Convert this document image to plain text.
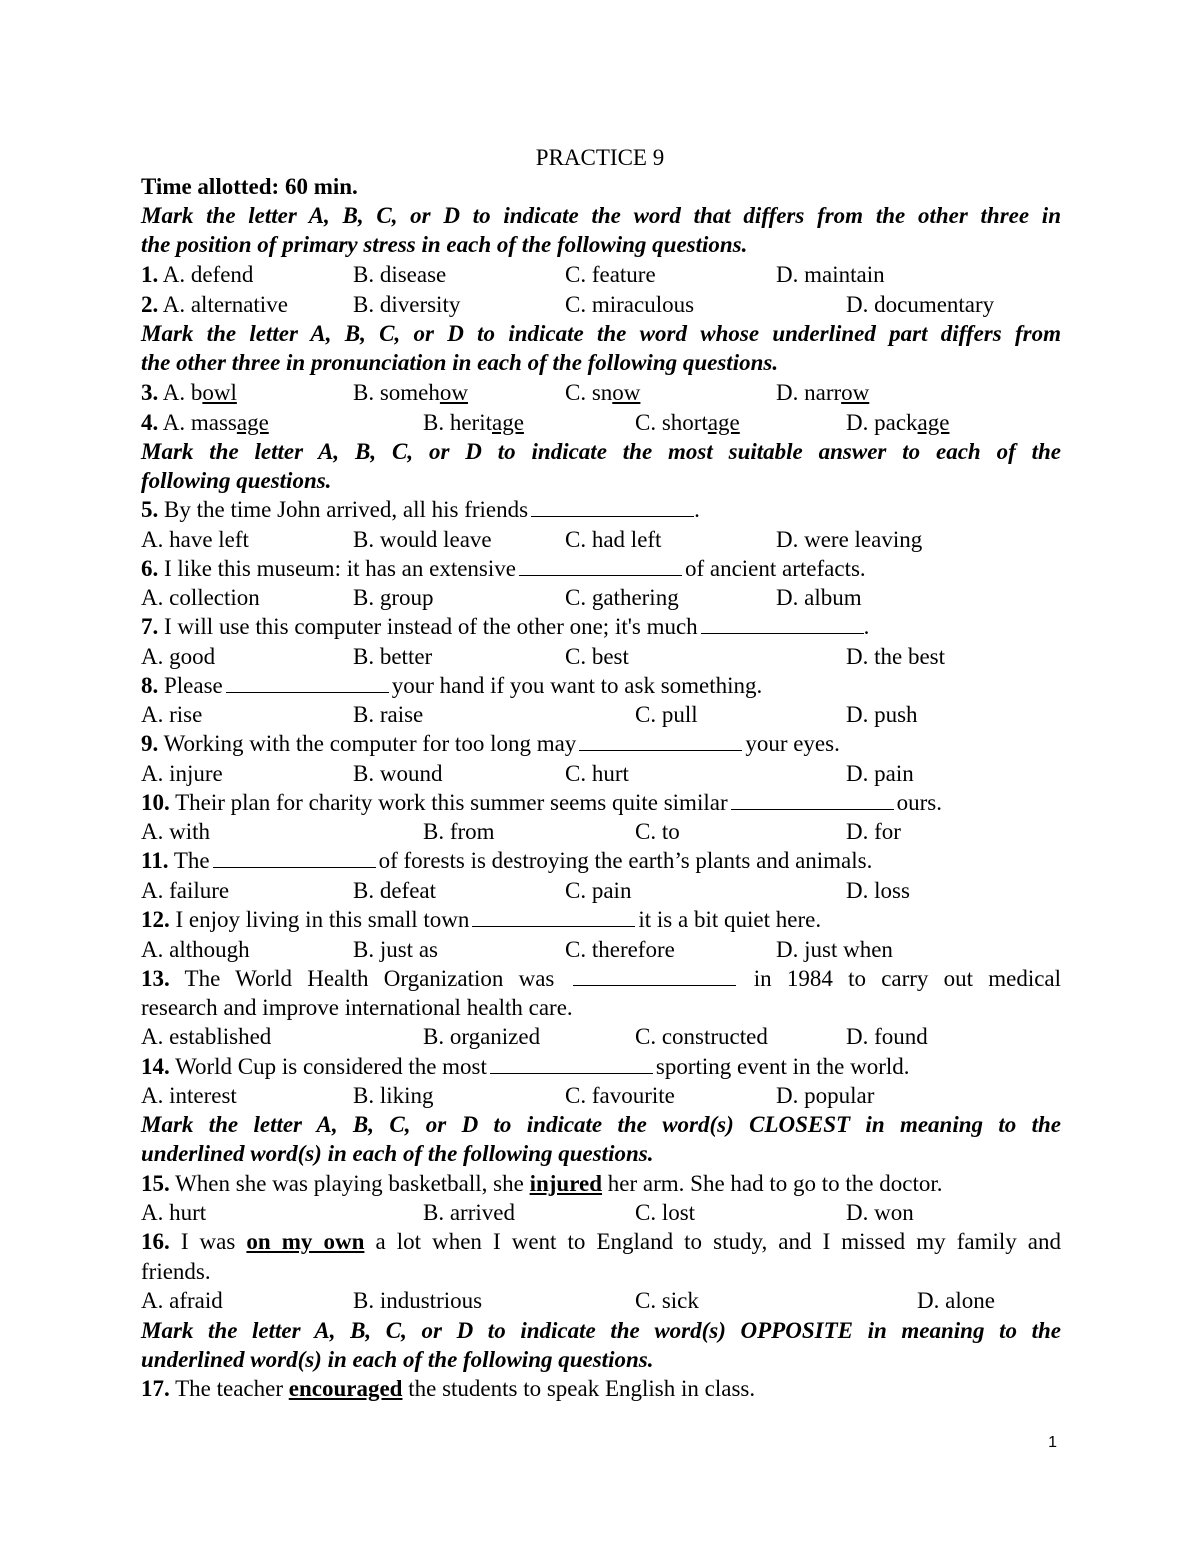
PRACTICE 9
Time allotted: 60 min.
Mark the letter A, B, C, or D to indicate the word that differs from the other three in
the position of primary stress in each of the following questions.
1. A. defend	B. disease	C. feature	D. maintain
2. A. alternative	B. diversity	C. miraculous	D. documentary
Mark the letter A, B, C, or D to indicate the word whose underlined part differs from
the other three in pronunciation in each of the following questions.
3. A. bowl	B. somehow	C. snow	D. narrow
4. A. massage	B. heritage	C. shortage	D. package
Mark the letter A, B, C, or D to indicate the most suitable answer to each of the
following questions.
5. By the time John arrived, all his friends	.
A. have left	B. would leave	C. had left	D. were leaving
6. I like this museum: it has an extensive	of ancient artefacts.
A. collection	B. group	C. gathering	D. album
7. I will use this computer instead of the other one; it's much	.
A. good	B. better	C. best	D. the best
8. Please	your hand if you want to ask something.
A. rise	B. raise	C. pull	D. push
9. Working with the computer for too long may	your eyes.
A. injure	B. wound	C. hurt	D. pain
10. Their plan for charity work this summer seems quite similar	ours.
A. with	B. from	C. to	D. for
11. The	of forests is destroying the earth’s plants and animals.
A. failure	B. defeat	C. pain	D. loss
12. I enjoy living in this small town	it is a bit quiet here.
A. although	B. just as	C. therefore	D. just when
13. The World Health Organization was	in 1984 to carry out medical
research and improve international health care.
A. established	B. organized	C. constructed	D. found
14. World Cup is considered the most	sporting event in the world.
A. interest	B. liking	C. favourite	D. popular
Mark the letter A, B, C, or D to indicate the word(s) CLOSEST in meaning to the
underlined word(s) in each of the following questions.
15. When she was playing basketball, she injured her arm. She had to go to the doctor.
A. hurt	B. arrived	C. lost	D. won
16. I was on my own a lot when I went to England to study, and I missed my family and
friends.
A. afraid	B. industrious	C. sick	D. alone
Mark the letter A, B, C, or D to indicate the word(s) OPPOSITE in meaning to the
underlined word(s) in each of the following questions.
17. The teacher encouraged the students to speak English in class.
1
